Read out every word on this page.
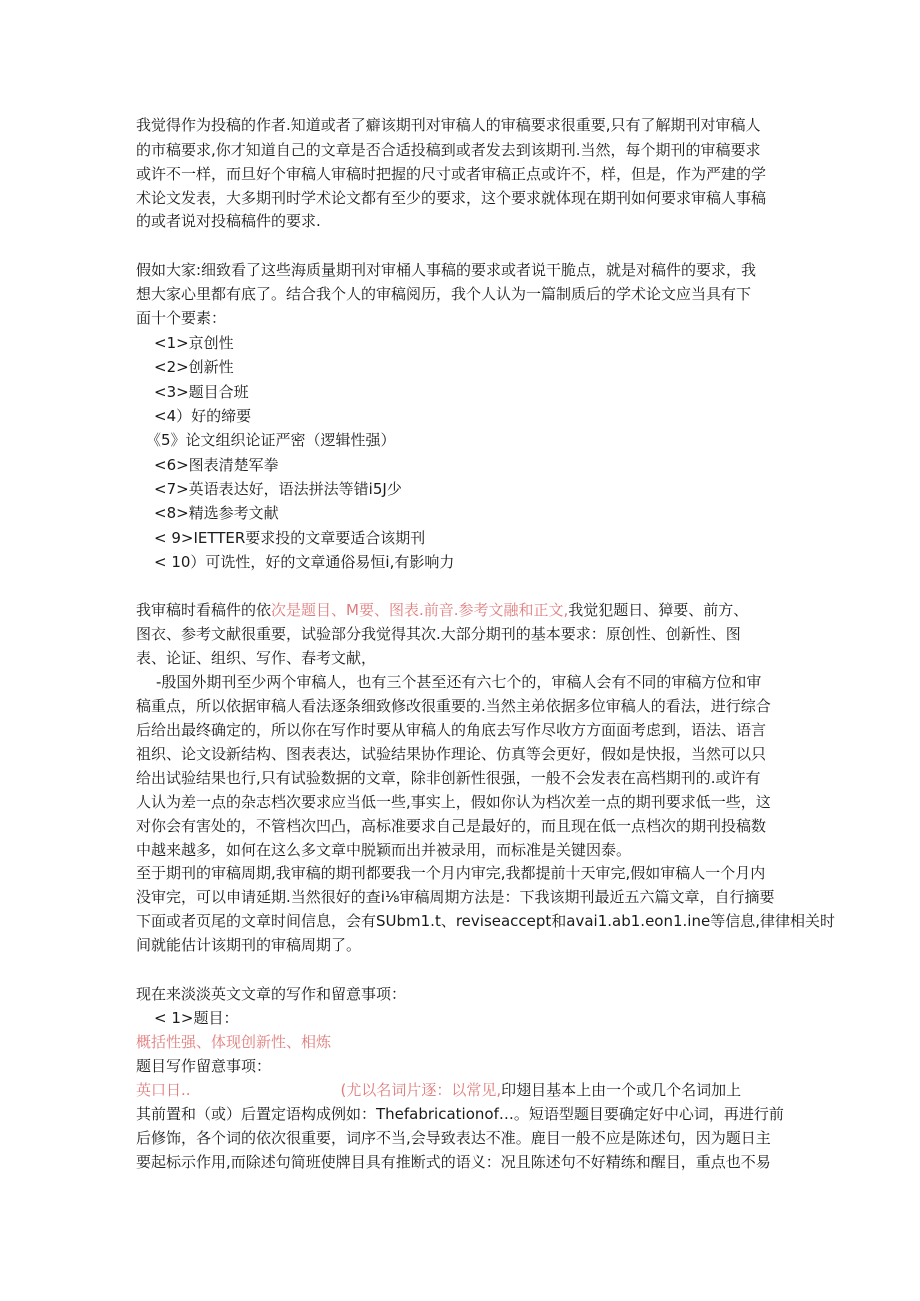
我觉得作为投稿的作者.知道或者了癖该期刊对审稿人的审稿要求很重要,只有了解期刊对审稿人
的市稿要求,你才知道自己的文章是否合适投稿到或者发去到该期刊.当然，每个期刊的审稿要求
或许不一样，而旦好个审稿人审稿时把握的尺寸或者审稿正点或许不，样，但是，作为严建的学
术论文发表，大多期刊时学术论文都有至少的要求，这个要求就体现在期刊如何要求审稿人事稿
的或者说对投稿稿件的要求.
假如大家:细致看了这些海质量期刊对审桶人事稿的要求或者说干脆点，就是对稿件的要求，我
想大家心里都有底了。结合我个人的审稿阅历，我个人认为一篇制质后的学术论文应当具有下
面十个要素：
<1>京创性
<2>创新性
<3>题目合班
<4）好的缔要
《5》论文组织论证严密（逻辑性强）
<6>图表清楚军拳
<7>英语表达好，语法拼法等错i5J少
<8>精选参考文献
< 9>IETTER要求投的文章要适合该期刊
< 10）可诜性，好的文章通俗易恒i,有影响力
我审稿时看稿件的依次是题目、M要、图表.前音.参考文融和正文,我觉犯题日、獐要、前方、
图衣、参考文献很重要，试验部分我觉得其次.大部分期刊的基本要求：原创性、创新性、图
表、论证、组织、写作、春考文献，
-殷国外期刊至少两个审稿人，也有三个甚至还有六七个的，审稿人会有不同的审稿方位和审
稿重点，所以依据审稿人看法逐条细致修改很重要的.当然主弟依据多位审稿人的看法，进行综合
后给出最终确定的，所以你在写作时要从审稿人的角底去写作尽收方方面面考虑到，语法、语言
祖织、论文设新结构、图表表达，试验结果协作理论、仿真等会更好，假如是快报，当然可以只
给出试验结果也行,只有试验数据的文章，除非创新性很强，一般不会发表在高档期刊的.或许有
人认为差一点的杂志档次要求应当低一些,事实上，假如你认为档次差一点的期刊要求低一些，这
对你会有害处的，不管档次凹凸，高标准要求自己是最好的，而且现在低一点档次的期刊投稿数
中越来越多，如何在这么多文章中脱颖而出并被录用，而标准是关键因泰。
至于期刊的审稿周期,我审稿的期刊都要我一个月内审完,我都提前十天审完,假如审稿人一个月内
没审完，可以申请延期.当然很好的查i⅛审稿周期方法是：下我该期刊最近五六篇文章，自行摘要
下面或者页尾的文章时间信息，会有SUbm1.t、reviseaccept和avai1.ab1.eon1.ine等信息,律律相关时
间就能估计该期刊的审稿周期了。
现在来淡淡英文文章的写作和留意事项：
< 1>题目：
概括性强、体现创新性、相炼
题目写作留意事项：
英口日..	(尤以名词片逐：以常见,印翅目基本上由一个或几个名词加上
其前置和（或）后置定语构成例如：Thefabricationof…。短语型题目要确定好中心词，再进行前
后修饰，各个词的依次很重要，词序不当,会导致表达不准。鹿目一般不应是陈述句，因为题日主
要起标示作用,而除述句简班使牌目具有推断式的语义：况且陈述句不好精练和醒目，重点也不易
